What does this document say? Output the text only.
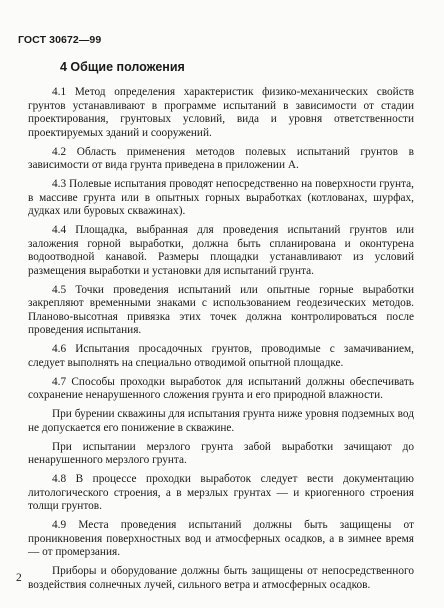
ГОСТ 30672—99
4 Общие положения

4.1 Метод определения характеристик физико-механических свойств грунтов устанавливают в программе испытаний в зависимости от стадии проектирования, грунтовых условий, вида и уровня ответственности проектируемых зданий и сооружений.

4.2 Область применения методов полевых испытаний грунтов в зависимости от вида грунта приведена в приложении А.

4.3 Полевые испытания проводят непосредственно на поверхности грунта, в массиве грунта или в опытных горных выработках (котлованах, шурфах, дудках или буровых скважинах).

4.4 Площадка, выбранная для проведения испытаний грунтов или заложения горной выработки, должна быть спланирована и оконтурена водоотводной канавой. Размеры площадки устанавливают из условий размещения выработки и установки для испытаний грунта.

4.5 Точки проведения испытаний или опытные горные выработки закрепляют временными знаками с использованием геодезических методов. Планово-высотная привязка этих точек должна контролироваться после проведения испытания.

4.6 Испытания просадочных грунтов, проводимые с замачиванием, следует выполнять на специально отводимой опытной площадке.

4.7 Способы проходки выработок для испытаний должны обеспечивать сохранение ненарушенного сложения грунта и его природной влажности.

При бурении скважины для испытания грунта ниже уровня подземных вод не допускается его понижение в скважине.

При испытании мерзлого грунта забой выработки зачищают до ненарушенного мерзлого грунта.

4.8 В процессе проходки выработок следует вести документацию литологического строения, а в мерзлых грунтах — и криогенного строения толщи грунтов.

4.9 Места проведения испытаний должны быть защищены от проникновения поверхностных вод и атмосферных осадков, а в зимнее время — от промерзания.

Приборы и оборудование должны быть защищены от непосредственного воздействия солнечных лучей, сильного ветра и атмосферных осадков.

2
